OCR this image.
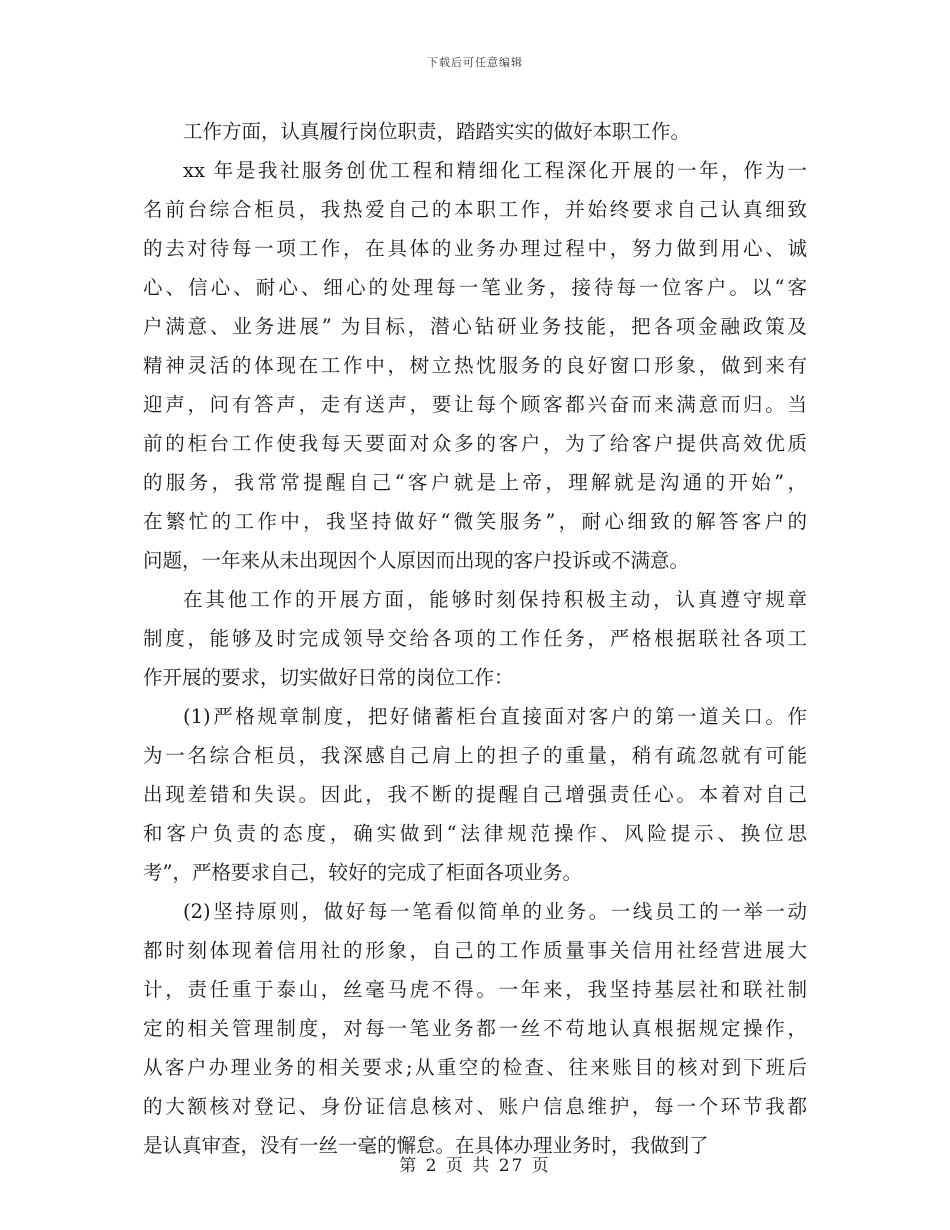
下载后可任意编辑
工作方面，认真履行岗位职责，踏踏实实的做好本职工作。
xx 年是我社服务创优工程和精细化工程深化开展的一年，作为一
名前台综合柜员，我热爱自己的本职工作，并始终要求自己认真细致
的去对待每一项工作，在具体的业务办理过程中，努力做到用心、诚
心、信心、耐心、细心的处理每一笔业务，接待每一位客户。以“客
户满意、业务进展” 为目标，潜心钻研业务技能，把各项金融政策及
精神灵活的体现在工作中，树立热忱服务的良好窗口形象，做到来有
迎声，问有答声，走有送声，要让每个顾客都兴奋而来满意而归。当
前的柜台工作使我每天要面对众多的客户，为了给客户提供高效优质
的服务，我常常提醒自己“客户就是上帝，理解就是沟通的开始”，
在繁忙的工作中，我坚持做好“微笑服务”，耐心细致的解答客户的
问题，一年来从未出现因个人原因而出现的客户投诉或不满意。
在其他工作的开展方面，能够时刻保持积极主动，认真遵守规章
制度，能够及时完成领导交给各项的工作任务，严格根据联社各项工
作开展的要求，切实做好日常的岗位工作：
(1)严格规章制度，把好储蓄柜台直接面对客户的第一道关口。作
为一名综合柜员，我深感自己肩上的担子的重量，稍有疏忽就有可能
出现差错和失误。因此，我不断的提醒自己增强责任心。本着对自己
和客户负责的态度，确实做到“法律规范操作、风险提示、换位思
考”，严格要求自己，较好的完成了柜面各项业务。
(2)坚持原则，做好每一笔看似简单的业务。一线员工的一举一动
都时刻体现着信用社的形象，自己的工作质量事关信用社经营进展大
计，责任重于泰山，丝毫马虎不得。一年来，我坚持基层社和联社制
定的相关管理制度，对每一笔业务都一丝不苟地认真根据规定操作，
从客户办理业务的相关要求;从重空的检查、往来账目的核对到下班后
的大额核对登记、身份证信息核对、账户信息维护，每一个环节我都
是认真审查，没有一丝一毫的懈怠。在具体办理业务时，我做到了
第 2 页 共 27 页
